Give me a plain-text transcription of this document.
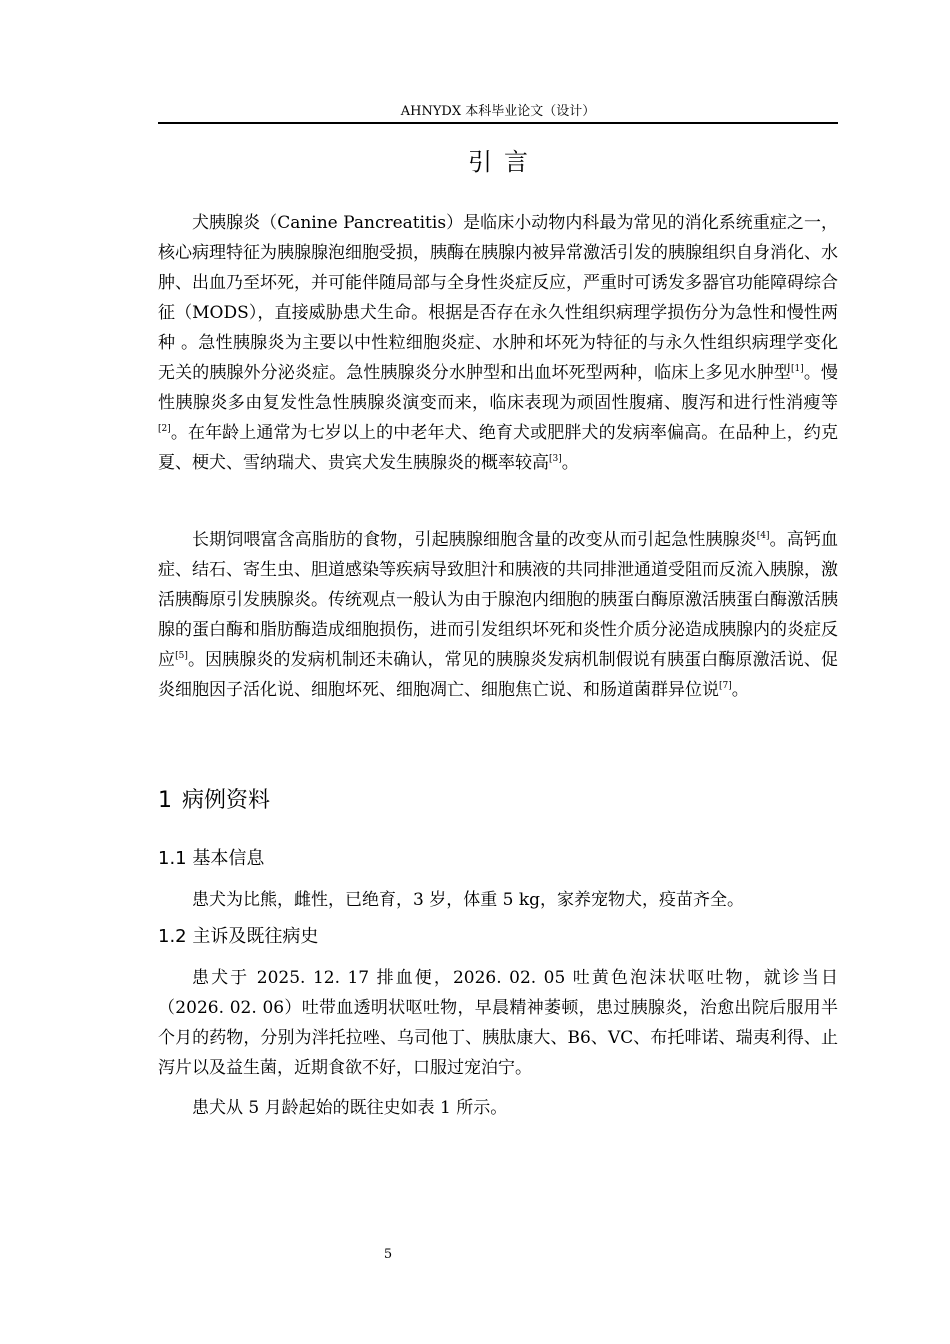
AHNYDX 本科毕业论文（设计）
引言

犬胰腺炎（Canine Pancreatitis）是临床小动物内科最为常见的消化系统重症之一，核心病理特征为胰腺腺泡细胞受损，胰酶在胰腺内被异常激活引发的胰腺组织自身消化、水肿、出血乃至坏死，并可能伴随局部与全身性炎症反应，严重时可诱发多器官功能障碍综合征（MODS），直接威胁患犬生命。根据是否存在永久性组织病理学损伤分为急性和慢性两种 。急性胰腺炎为主要以中性粒细胞炎症、水肿和坏死为特征的与永久性组织病理学变化无关的胰腺外分泌炎症。急性胰腺炎分水肿型和出血坏死型两种，临床上多见水肿型[1]。慢性胰腺炎多由复发性急性胰腺炎演变而来，临床表现为顽固性腹痛、腹泻和进行性消瘦等[2]。在年龄上通常为七岁以上的中老年犬、绝育犬或肥胖犬的发病率偏高。在品种上，约克夏、梗犬、雪纳瑞犬、贵宾犬发生胰腺炎的概率较高[3]。

长期饲喂富含高脂肪的食物，引起胰腺细胞含量的改变从而引起急性胰腺炎[4]。高钙血症、结石、寄生虫、胆道感染等疾病导致胆汁和胰液的共同排泄通道受阻而反流入胰腺，激活胰酶原引发胰腺炎。传统观点一般认为由于腺泡内细胞的胰蛋白酶原激活胰蛋白酶激活胰腺的蛋白酶和脂肪酶造成细胞损伤，进而引发组织坏死和炎性介质分泌造成胰腺内的炎症反应[5]。因胰腺炎的发病机制还未确认，常见的胰腺炎发病机制假说有胰蛋白酶原激活说、促炎细胞因子活化说、细胞坏死、细胞凋亡、细胞焦亡说、和肠道菌群异位说[7]。

1 病例资料
1.1 基本信息

患犬为比熊，雌性，已绝育，3 岁，体重 5 kg，家养宠物犬，疫苗齐全。

1.2 主诉及既往病史

患犬于 2025. 12. 17 排血便，2026. 02. 05 吐黄色泡沫状呕吐物，就诊当日（2026. 02. 06）吐带血透明状呕吐物，早晨精神萎顿，患过胰腺炎，治愈出院后服用半个月的药物，分别为泮托拉唑、乌司他丁、胰肽康大、B6、VC、布托啡诺、瑞夷利得、止泻片以及益生菌，近期食欲不好，口服过宠泊宁。

患犬从 5 月龄起始的既往史如表 1 所示。

5
